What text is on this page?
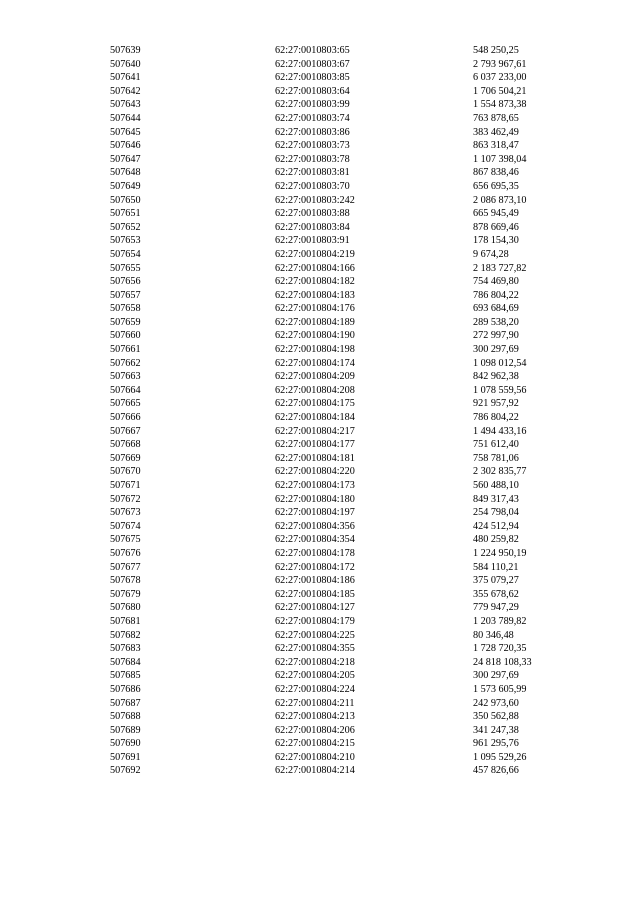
507639	62:27:0010803:65	548 250,25
507640	62:27:0010803:67	2 793 967,61
507641	62:27:0010803:85	6 037 233,00
507642	62:27:0010803:64	1 706 504,21
507643	62:27:0010803:99	1 554 873,38
507644	62:27:0010803:74	763 878,65
507645	62:27:0010803:86	383 462,49
507646	62:27:0010803:73	863 318,47
507647	62:27:0010803:78	1 107 398,04
507648	62:27:0010803:81	867 838,46
507649	62:27:0010803:70	656 695,35
507650	62:27:0010803:242	2 086 873,10
507651	62:27:0010803:88	665 945,49
507652	62:27:0010803:84	878 669,46
507653	62:27:0010803:91	178 154,30
507654	62:27:0010804:219	9 674,28
507655	62:27:0010804:166	2 183 727,82
507656	62:27:0010804:182	754 469,80
507657	62:27:0010804:183	786 804,22
507658	62:27:0010804:176	693 684,69
507659	62:27:0010804:189	289 538,20
507660	62:27:0010804:190	272 997,90
507661	62:27:0010804:198	300 297,69
507662	62:27:0010804:174	1 098 012,54
507663	62:27:0010804:209	842 962,38
507664	62:27:0010804:208	1 078 559,56
507665	62:27:0010804:175	921 957,92
507666	62:27:0010804:184	786 804,22
507667	62:27:0010804:217	1 494 433,16
507668	62:27:0010804:177	751 612,40
507669	62:27:0010804:181	758 781,06
507670	62:27:0010804:220	2 302 835,77
507671	62:27:0010804:173	560 488,10
507672	62:27:0010804:180	849 317,43
507673	62:27:0010804:197	254 798,04
507674	62:27:0010804:356	424 512,94
507675	62:27:0010804:354	480 259,82
507676	62:27:0010804:178	1 224 950,19
507677	62:27:0010804:172	584 110,21
507678	62:27:0010804:186	375 079,27
507679	62:27:0010804:185	355 678,62
507680	62:27:0010804:127	779 947,29
507681	62:27:0010804:179	1 203 789,82
507682	62:27:0010804:225	80 346,48
507683	62:27:0010804:355	1 728 720,35
507684	62:27:0010804:218	24 818 108,33
507685	62:27:0010804:205	300 297,69
507686	62:27:0010804:224	1 573 605,99
507687	62:27:0010804:211	242 973,60
507688	62:27:0010804:213	350 562,88
507689	62:27:0010804:206	341 247,38
507690	62:27:0010804:215	961 295,76
507691	62:27:0010804:210	1 095 529,26
507692	62:27:0010804:214	457 826,66
